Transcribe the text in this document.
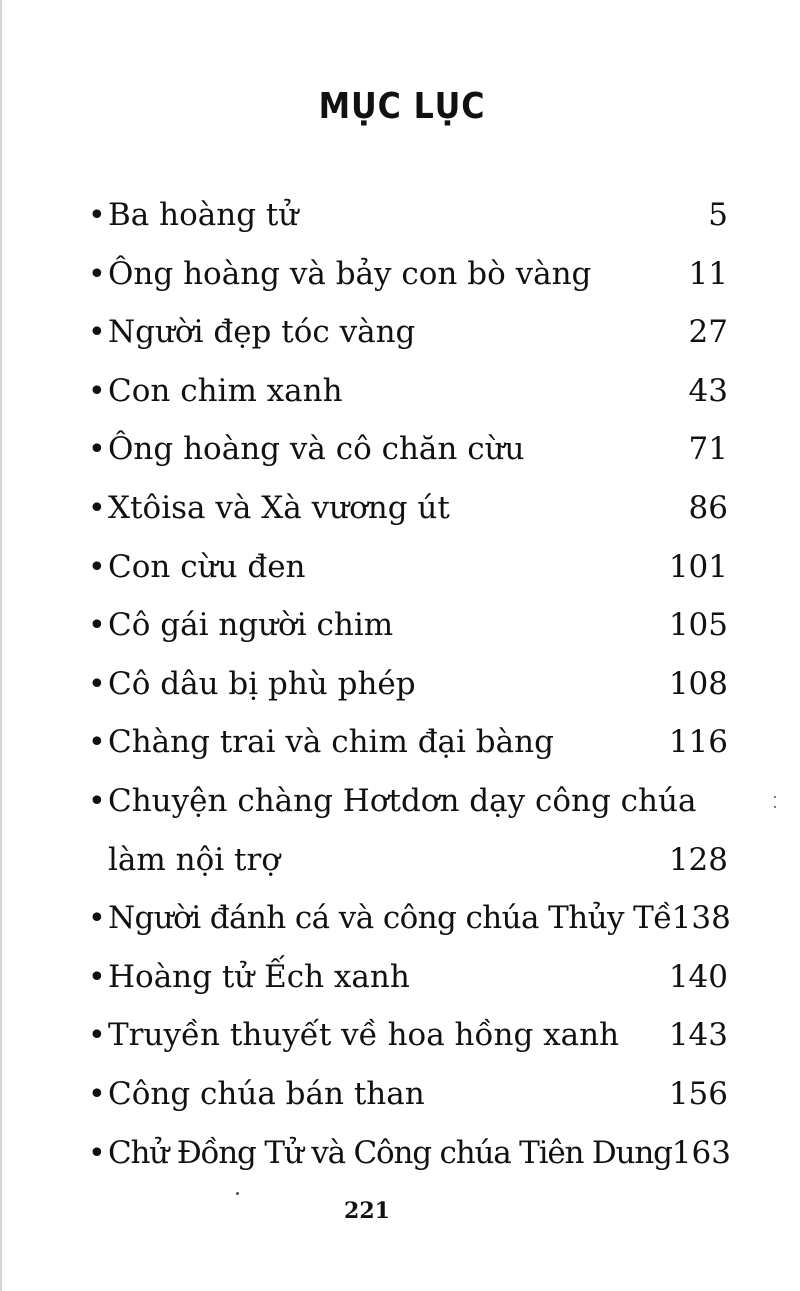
MỤC LỤC
• Ba hoàng tử	5
• Ông hoàng và bảy con bò vàng	11
• Người đẹp tóc vàng	27
• Con chim xanh	43
• Ông hoàng và cô chăn cừu	71
• Xtôisa và Xà vương út	86
• Con cừu đen	101
• Cô gái người chim	105
• Cô dâu bị phù phép	108
• Chàng trai và chim đại bàng	116
• Chuyện chàng Hơtdơn dạy công chúa
làm nội trợ	128
• Người đánh cá và công chúa Thủy Tề 138
• Hoàng tử Ếch xanh	140
• Truyền thuyết về hoa hồng xanh	143
• Công chúa bán than	156
• Chử Đồng Tử và Công chúa Tiên Dung 163
221
